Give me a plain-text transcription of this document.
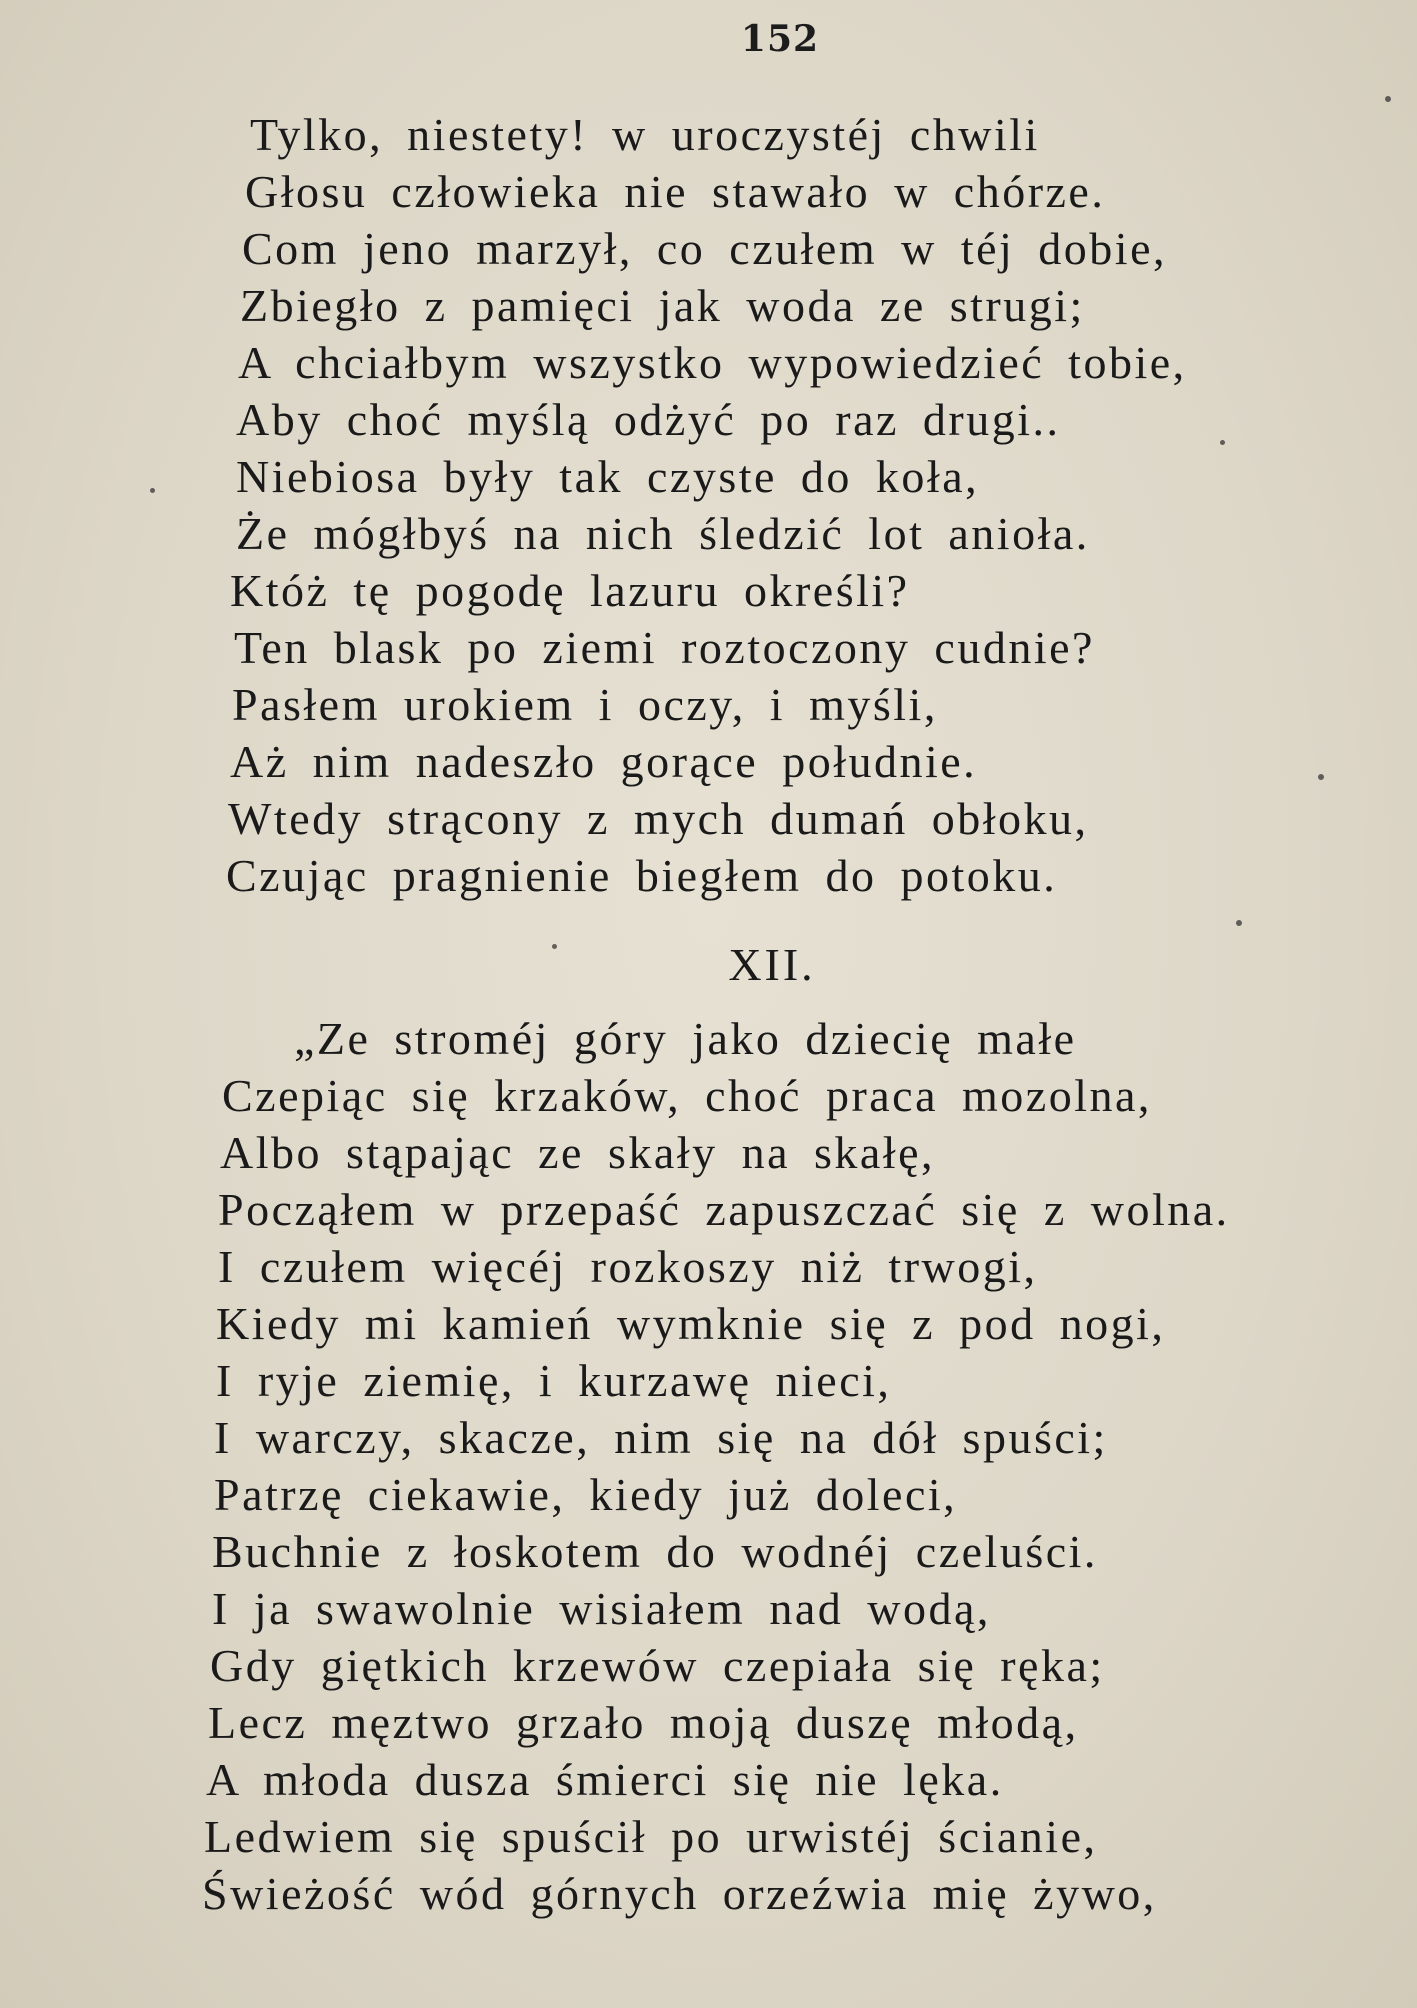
152
Tylko, niestety! w uroczystéj chwili
Głosu człowieka nie stawało w chórze.
Com jeno marzył, co czułem w téj dobie,
Zbiegło z pamięci jak woda ze strugi;
A chciałbym wszystko wypowiedzieć tobie,
Aby choć myślą odżyć po raz drugi..
Niebiosa były tak czyste do koła,
Że mógłbyś na nich śledzić lot anioła.
Któż tę pogodę lazuru określi?
Ten blask po ziemi roztoczony cudnie?
Pasłem urokiem i oczy, i myśli,
Aż nim nadeszło gorące południe.
Wtedy strącony z mych dumań obłoku,
Czując pragnienie biegłem do potoku.
XII.
„Ze stroméj góry jako dziecię małe
Czepiąc się krzaków, choć praca mozolna,
Albo stąpając ze skały na skałę,
Począłem w przepaść zapuszczać się z wolna.
I czułem więcéj rozkoszy niż trwogi,
Kiedy mi kamień wymknie się z pod nogi,
I ryje ziemię, i kurzawę nieci,
I warczy, skacze, nim się na dół spuści;
Patrzę ciekawie, kiedy już doleci,
Buchnie z łoskotem do wodnéj czeluści.
I ja swawolnie wisiałem nad wodą,
Gdy giętkich krzewów czepiała się ręka;
Lecz męztwo grzało moją duszę młodą,
A młoda dusza śmierci się nie lęka.
Ledwiem się spuścił po urwistéj ścianie,
Świeżość wód górnych orzeźwia mię żywo,
